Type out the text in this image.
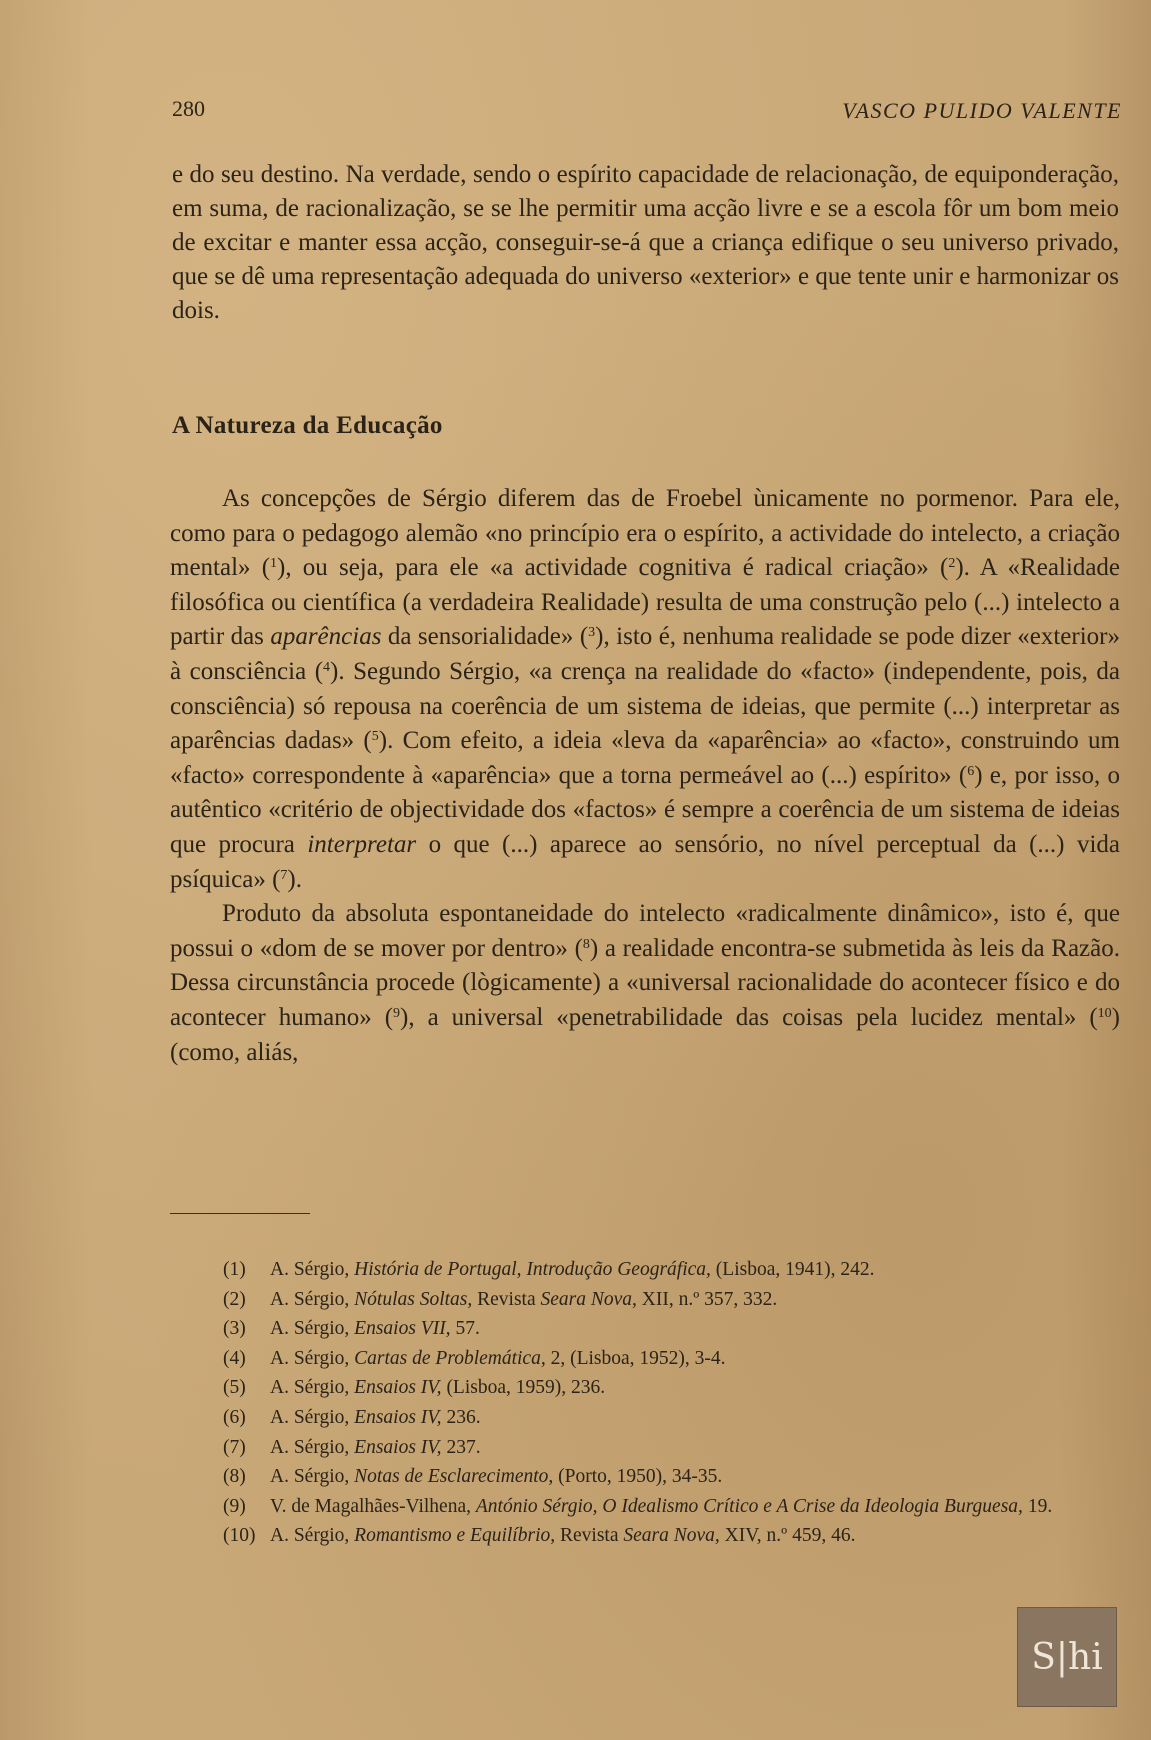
280	VASCO PULIDO VALENTE

e do seu destino. Na verdade, sendo o espírito capacidade de relacionação, de equiponderação, em suma, de racionalização, se se lhe permitir uma acção livre e se a escola fôr um bom meio de excitar e manter essa acção, conseguir-se-á que a criança edifique o seu universo privado, que se dê uma representação adequada do universo «exterior» e que tente unir e harmonizar os dois.

A Natureza da Educação

As concepções de Sérgio diferem das de Froebel ùnicamente no pormenor. Para ele, como para o pedagogo alemão «no princípio era o espírito, a actividade do intelecto, a criação mental» ($^1$), ou seja, para ele «a actividade cognitiva é radical criação» ($^2$). A «Realidade filosófica ou científica (a verdadeira Realidade) resulta de uma construção pelo (...) intelecto a partir das aparências da sensorialidade» ($^3$), isto é, nenhuma realidade se pode dizer «exterior» à consciência ($^4$). Segundo Sérgio, «a crença na realidade do «facto» (independente, pois, da consciência) só repousa na coerência de um sistema de ideias, que permite (...) interpretar as aparências dadas» ($^5$). Com efeito, a ideia «leva da «aparência» ao «facto», construindo um «facto» correspondente à «aparência» que a torna permeável ao (...) espírito» ($^6$) e, por isso, o autêntico «critério de objectividade dos «factos» é sempre a coerência de um sistema de ideias que procura interpretar o que (...) aparece ao sensório, no nível perceptual da (...) vida psíquica» ($^7$).

Produto da absoluta espontaneidade do intelecto «radicalmente dinâmico», isto é, que possui o «dom de se mover por dentro» ($^8$) a realidade encontra-se submetida às leis da Razão. Dessa circunstância procede (lògicamente) a «universal racionalidade do acontecer físico e do acontecer humano» ($^9$), a universal «penetrabilidade das coisas pela lucidez mental» ($^{10}$) (como, aliás,

(1)	A. Sérgio, História de Portugal, Introdução Geográfica, (Lisboa, 1941), 242.

(2)	A. Sérgio, Nótulas Soltas, Revista Seara Nova, XII, n.º 357, 332.

(3)	A. Sérgio, Ensaios VII, 57.

(4)	A. Sérgio, Cartas de Problemática, 2, (Lisboa, 1952), 3-4.

(5)	A. Sérgio, Ensaios IV, (Lisboa, 1959), 236.

(6)	A. Sérgio, Ensaios IV, 236.

(7)	A. Sérgio, Ensaios IV, 237.

(8)	A. Sérgio, Notas de Esclarecimento, (Porto, 1950), 34-35.

(9) V. de Magalhães-Vilhena, António Sérgio, O Idealismo Crítico e A Crise da Ideologia Burguesa, 19.

(10) A. Sérgio, Romantismo e Equilíbrio, Revista Seara Nova, XIV, n.º 459, 46.

S|hi
